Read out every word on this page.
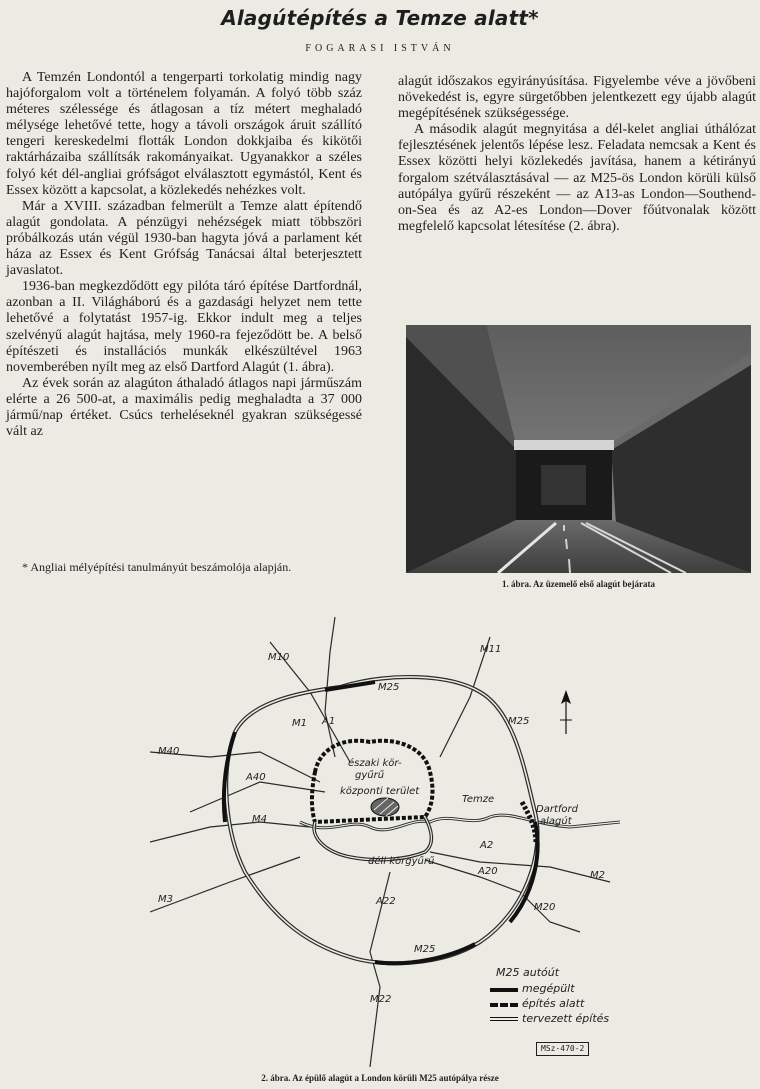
Alagútépítés a Temze alatt*
FOGARASI ISTVÁN

A Temzén Londontól a tengerparti torkolatig mindig nagy hajóforgalom volt a történelem folyamán. A folyó több száz méteres szélessége és átlagosan a tíz métert meghaladó mélysége lehetővé tette, hogy a távoli országok áruit szállító tengeri kereskedelmi flották London dokkjaiba és kikötői raktárházaiba szállítsák rakományaikat. Ugyanakkor a széles folyó két dél-angliai grófságot elválasztott egymástól, Kent és Essex között a kapcsolat, a közlekedés nehézkes volt.

Már a XVIII. században felmerült a Temze alatt építendő alagút gondolata. A pénzügyi nehézségek miatt többszöri próbálkozás után végül 1930-ban hagyta jóvá a parlament két háza az Essex és Kent Grófság Tanácsai által beterjesztett javaslatot.

1936-ban megkezdődött egy pilóta táró építése Dartfordnál, azonban a II. Világháború és a gazdasági helyzet nem tette lehetővé a folytatást 1957-ig. Ekkor indult meg a teljes szelvényű alagút hajtása, mely 1960-ra fejeződött be. A belső építészeti és installációs munkák elkészültével 1963 novemberében nyílt meg az első Dartford Alagút (1. ábra).

Az évek során az alagúton áthaladó átlagos napi járműszám elérte a 26 500-at, a maximális pedig meghaladta a 37 000 jármű/nap értéket. Csúcs terheléseknél gyakran szükségessé vált az

* Angliai mélyépítési tanulmányút beszámolója alapján.

alagút időszakos egyirányúsítása. Figyelembe véve a jövőbeni növekedést is, egyre sürgetőbben jelentkezett egy újabb alagút megépítésének szükségessége.

A második alagút megnyitása a dél-kelet angliai úthálózat fejlesztésének jelentős lépése lesz. Feladata nemcsak a Kent és Essex közötti helyi közlekedés javítása, hanem a kétirányú forgalom szétválasztásával — az M25-ös London körüli külső autópálya gyűrű részeként — az A13-as London—Southend-on-Sea és az A2-es London—Dover főútvonalak között megfelelő kapcsolat létesítése (2. ábra).

1. ábra. Az üzemelő első alagút bejárata
M10
M11
M25
M25
M1 A1
M40
A40
M4
M3	A22
M22
M25
A2
A20	M2
M20
északi kör-
gyűrű
központi terület
Temze
Dartford
alagút
déli körgyűrű
M25 autóút
megépült
építés alatt
tervezett építés
MSz-470-2
2. ábra. Az épülő alagút a London körüli M25 autópálya része
